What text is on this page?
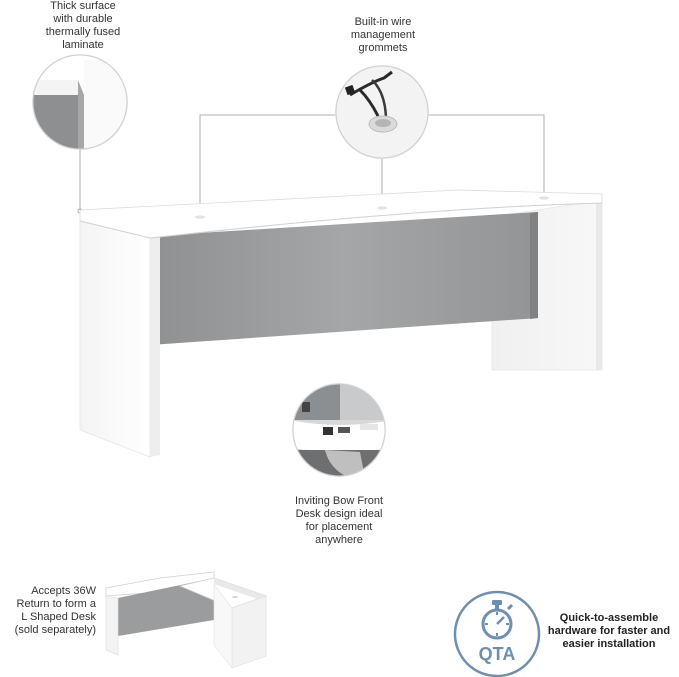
Thick surface
with durable
thermally fused
laminate
Built-in wire
management
grommets
Inviting Bow Front
Desk design ideal
for placement
anywhere
Accepts 36W
Return to form a
L Shaped Desk
(sold separately)
QTA
Quick-to-assemble
hardware for faster and
easier installation
